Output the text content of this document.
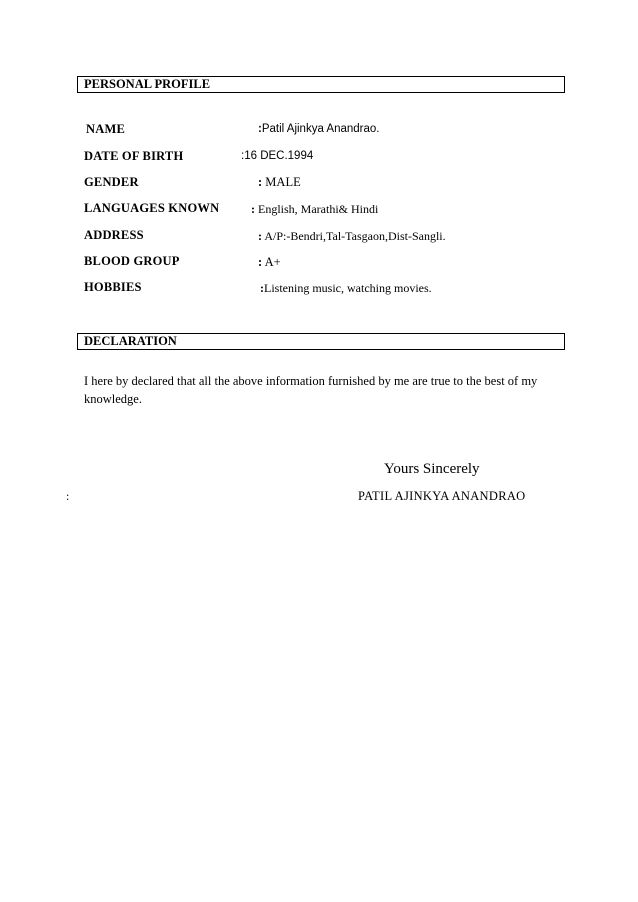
PERSONAL PROFILE
NAME	:Patil Ajinkya Anandrao.
DATE OF BIRTH	:16 DEC.1994
GENDER	: MALE
LANGUAGES KNOWN	: English, Marathi& Hindi
ADDRESS	: A/P:-Bendri,Tal-Tasgaon,Dist-Sangli.
BLOOD GROUP	: A+
HOBBIES	:Listening music, watching movies.
DECLARATION
I here by declared that all the above information furnished by me are true to the best of my knowledge.
Yours Sincerely
:	PATIL AJINKYA ANANDRAO
